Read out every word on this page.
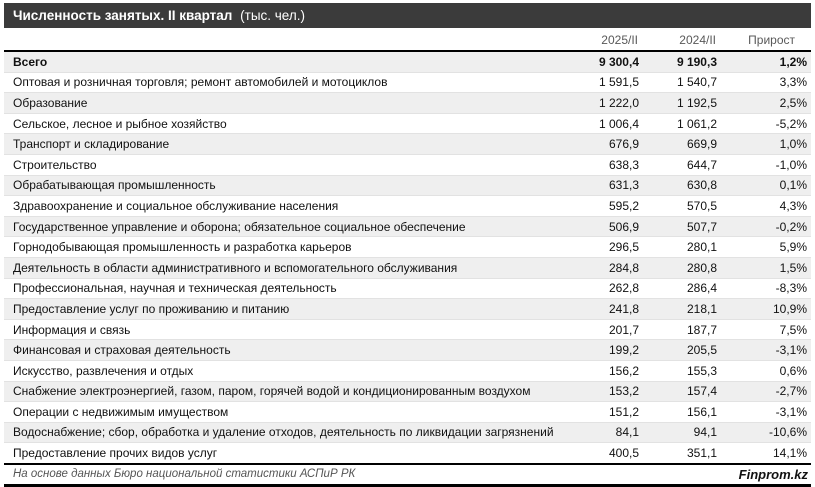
Численность занятых. II квартал (тыс. чел.)
	2025/II	2024/II	Прирост
Всего	9 300,4	9 190,3	1,2%
Оптовая и розничная торговля; ремонт автомобилей и мотоциклов	1 591,5	1 540,7	3,3%
Образование	1 222,0	1 192,5	2,5%
Сельское, лесное и рыбное хозяйство	1 006,4	1 061,2	-5,2%
Транспорт и складирование	676,9	669,9	1,0%
Строительство	638,3	644,7	-1,0%
Обрабатывающая промышленность	631,3	630,8	0,1%
Здравоохранение и социальное обслуживание населения	595,2	570,5	4,3%
Государственное управление и оборона; обязательное социальное обеспечение	506,9	507,7	-0,2%
Горнодобывающая промышленность и разработка карьеров	296,5	280,1	5,9%
Деятельность в области административного и вспомогательного обслуживания	284,8	280,8	1,5%
Профессиональная, научная и техническая деятельность	262,8	286,4	-8,3%
Предоставление услуг по проживанию и питанию	241,8	218,1	10,9%
Информация и связь	201,7	187,7	7,5%
Финансовая и страховая деятельность	199,2	205,5	-3,1%
Искусство, развлечения и отдых	156,2	155,3	0,6%
Снабжение электроэнергией, газом, паром, горячей водой и кондиционированным воздухом	153,2	157,4	-2,7%
Операции с недвижимым имуществом	151,2	156,1	-3,1%
Водоснабжение; сбор, обработка и удаление отходов, деятельность по ликвидации загрязнений	84,1	94,1	-10,6%
Предоставление прочих видов услуг	400,5	351,1	14,1%
На основе данных Бюро национальной статистики АСПиР РК	Finprom.kz
